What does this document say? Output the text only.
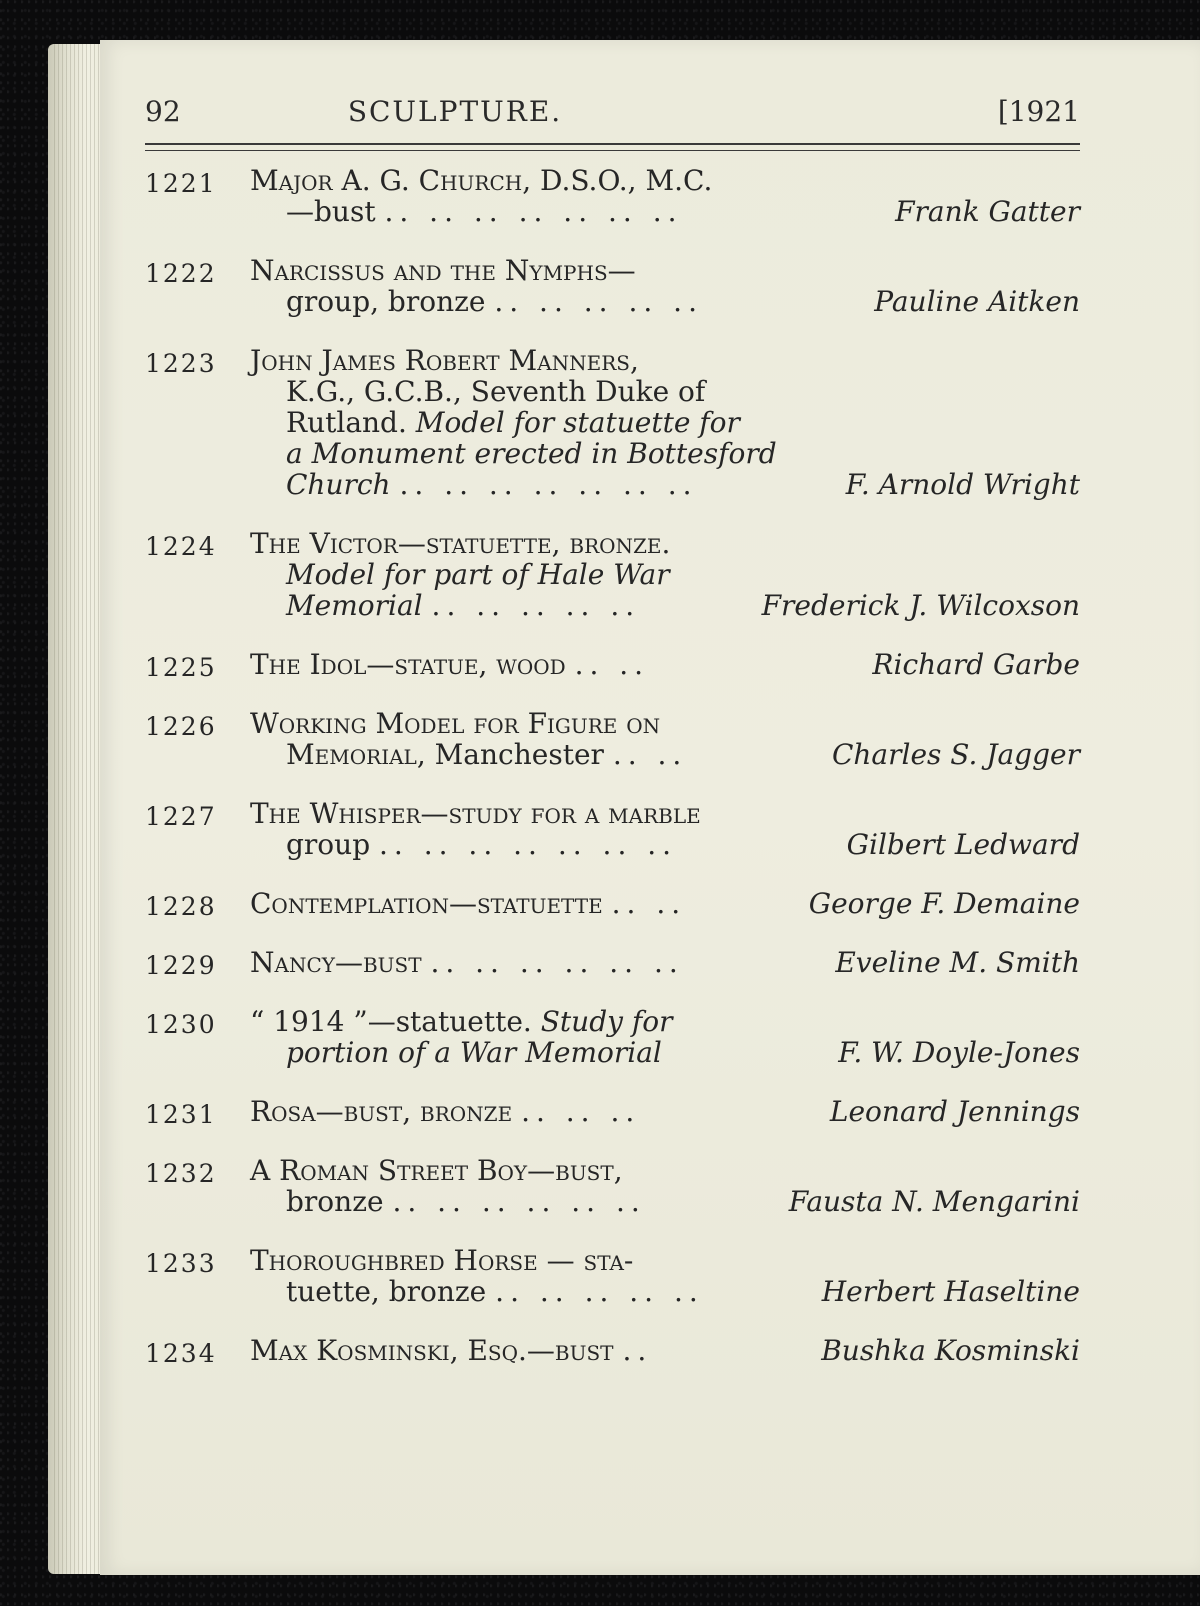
92	SCULPTURE.	[1921
1221 Major A. G. Church, D.S.O., M.C.
—bust .. .. .. .. .. .. ..	Frank Gatter
1222 Narcissus and the Nymphs—
group, bronze .. .. .. .. ..	Pauline Aitken
1223 John James Robert Manners,
K.G., G.C.B., Seventh Duke of
Rutland. Model for statuette for
a Monument erected in Bottesford
Church .. .. .. .. .. .. ..	F. Arnold Wright
1224 The Victor—statuette, bronze.
Model for part of Hale War
Memorial .. .. .. .. ..	Frederick J. Wilcoxson
1225 The Idol—statue, wood .. ..	Richard Garbe
1226 Working Model for Figure on
Memorial, Manchester .. ..	Charles S. Jagger
1227 The Whisper—study for a marble
group .. .. .. .. .. .. ..	Gilbert Ledward
1228 Contemplation—statuette .. ..	George F. Demaine
1229 Nancy—bust .. .. .. .. .. ..	Eveline M. Smith
1230 “ 1914 ”—statuette. Study for
portion of a War Memorial	F. W. Doyle-Jones
1231 Rosa—bust, bronze .. .. ..	Leonard Jennings
1232 A Roman Street Boy—bust,
bronze .. .. .. .. .. ..	Fausta N. Mengarini
1233 Thoroughbred Horse — sta-
tuette, bronze .. .. .. .. ..	Herbert Haseltine
1234 Max Kosminski, Esq.—bust ..	Bushka Kosminski
